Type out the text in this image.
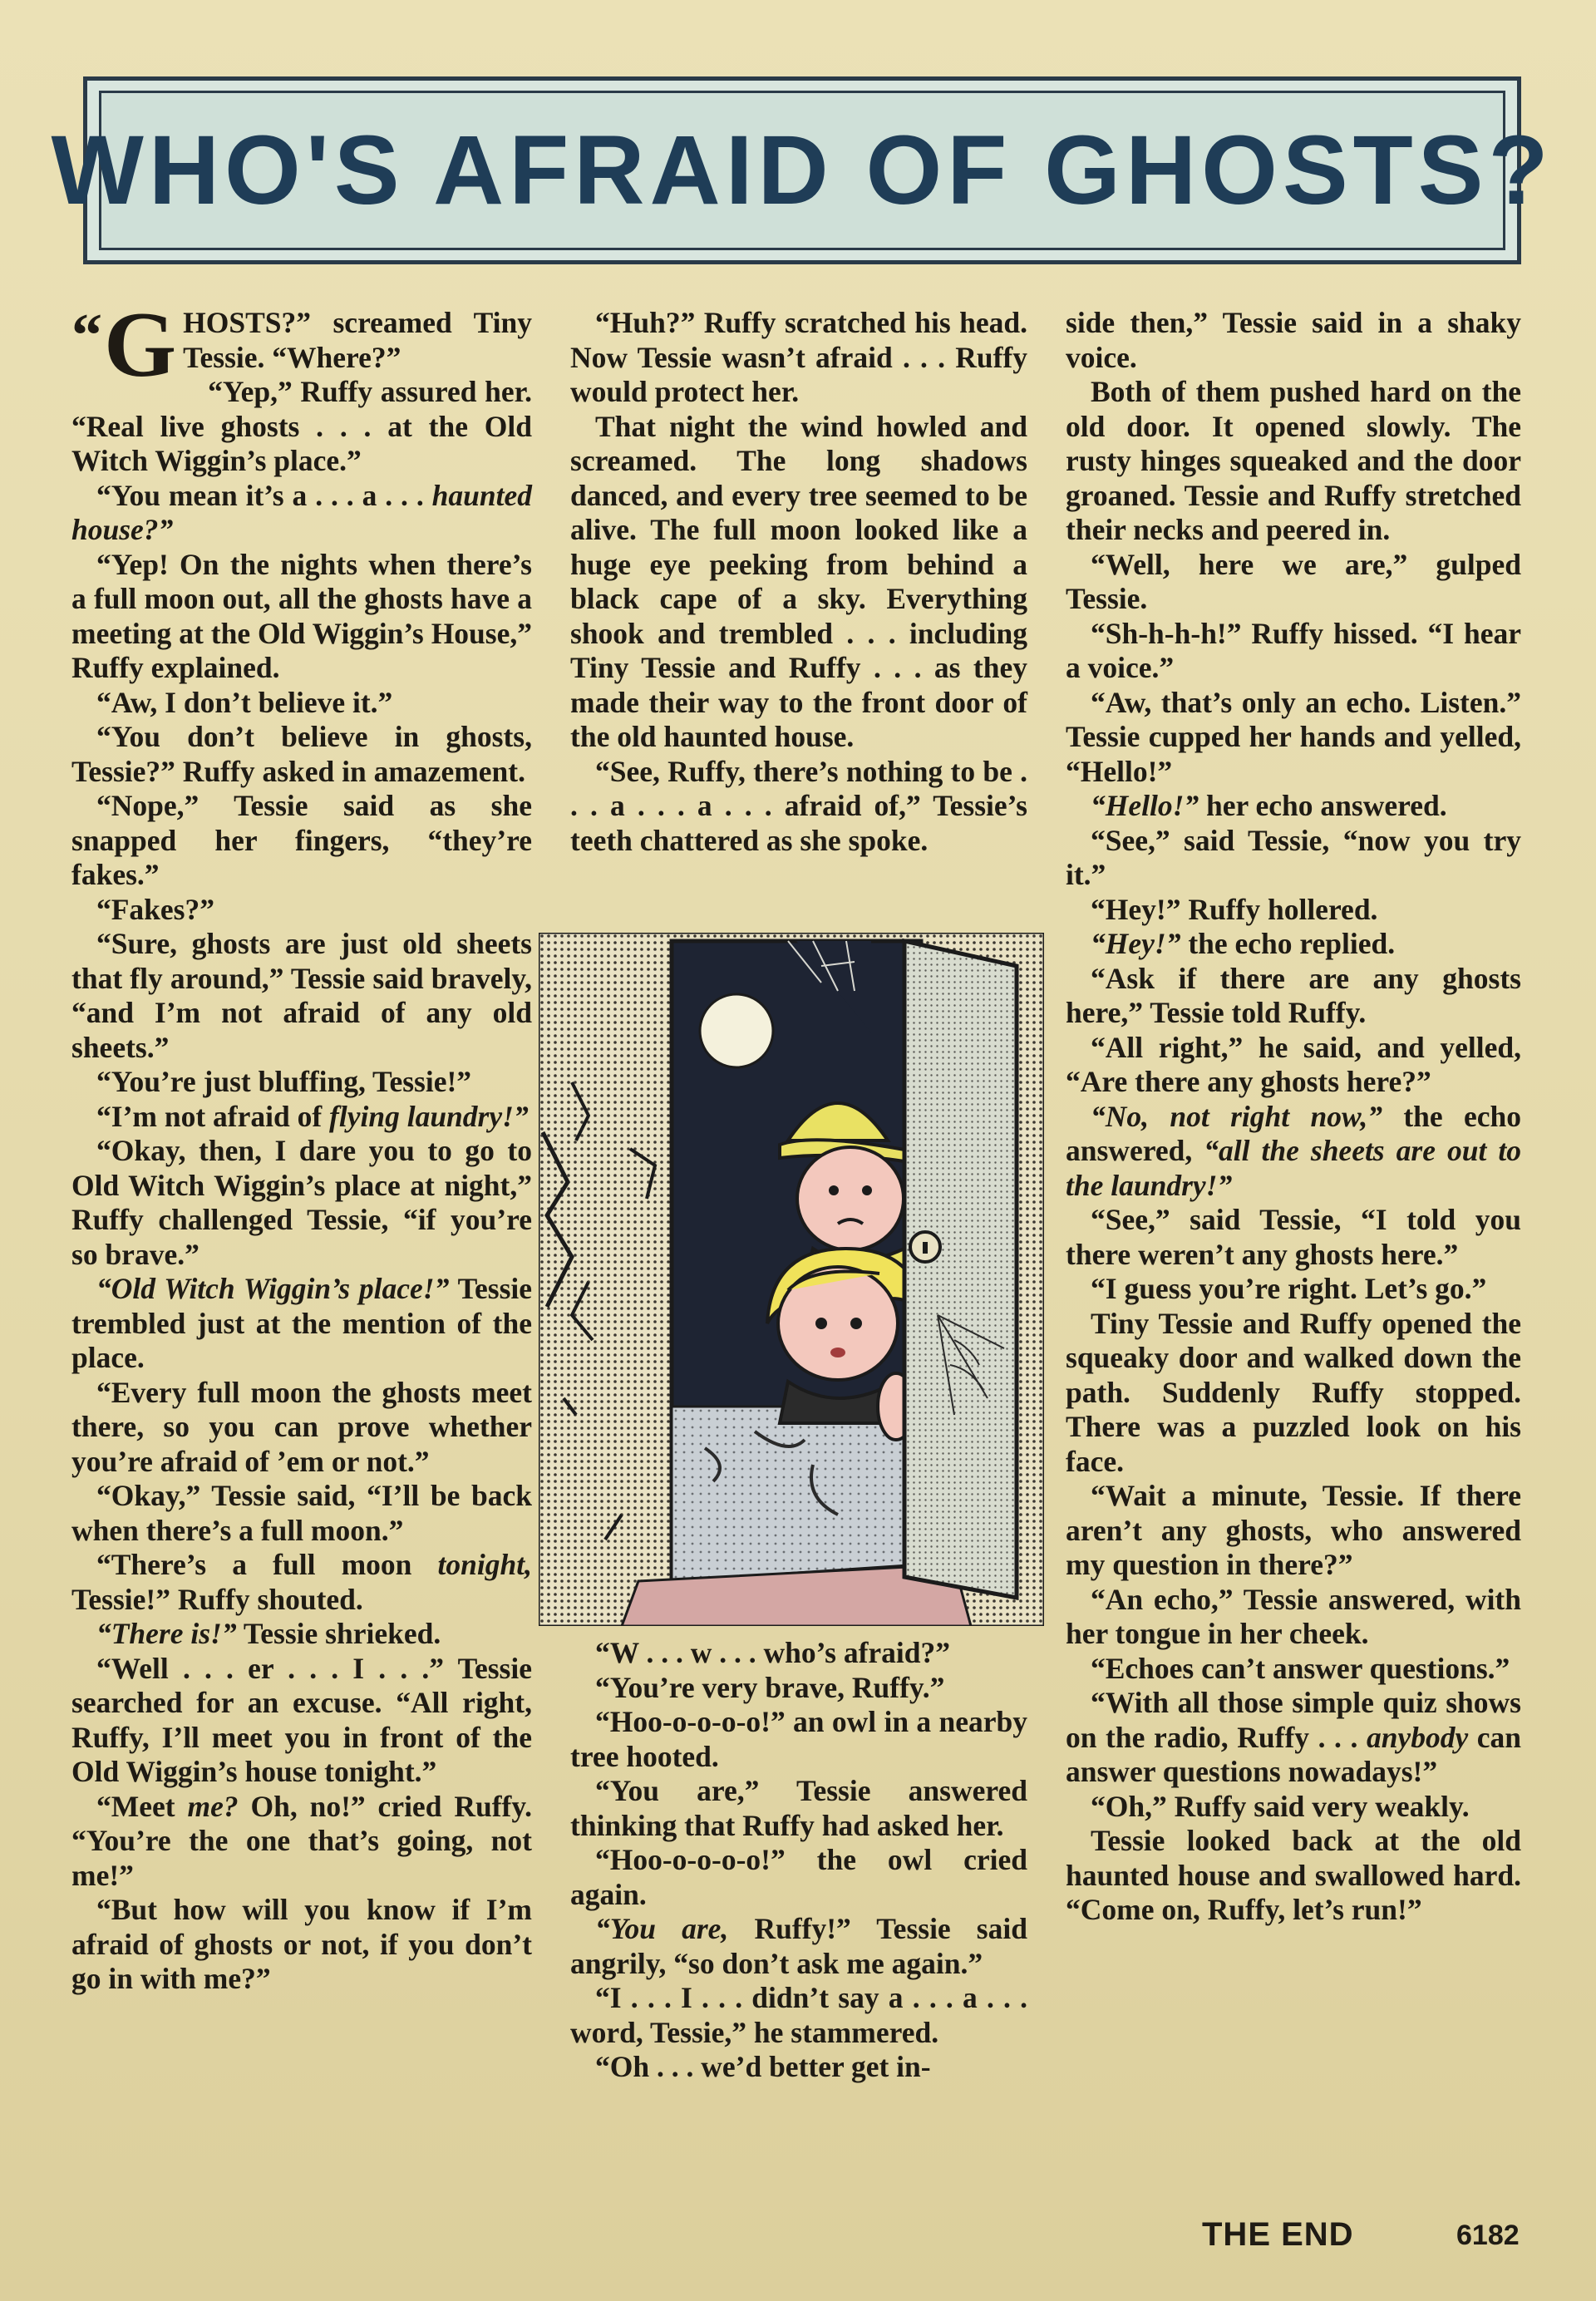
WHO'S AFRAID OF GHOSTS?

“ G HOSTS?” screamed Tiny Tessie. “Where?”

“Yep,” Ruffy assured her. “Real live ghosts . . . at the Old Witch Wiggin’s place.”

“You mean it’s a . . . a . . . haunted house?”

“Yep! On the nights when there’s a full moon out, all the ghosts have a meeting at the Old Wiggin’s House,” Ruffy explained.

“Aw, I don’t believe it.”

“You don’t believe in ghosts, Tessie?” Ruffy asked in amazement.

“Nope,” Tessie said as she snapped her fingers, “they’re fakes.”

“Fakes?”

“Sure, ghosts are just old sheets that fly around,” Tessie said bravely, “and I’m not afraid of any old sheets.”

“You’re just bluffing, Tessie!”

“I’m not afraid of flying laundry!”

“Okay, then, I dare you to go to Old Witch Wiggin’s place at night,” Ruffy challenged Tessie, “if you’re so brave.”

“Old Witch Wiggin’s place!” Tessie trembled just at the mention of the place.

“Every full moon the ghosts meet there, so you can prove whether you’re afraid of ’em or not.”

“Okay,” Tessie said, “I’ll be back when there’s a full moon.”

“There’s a full moon tonight, Tessie!” Ruffy shouted.

“There is!” Tessie shrieked.

“Well . . . er . . . I . . .” Tessie searched for an excuse. “All right, Ruffy, I’ll meet you in front of the Old Wiggin’s house tonight.”

“Meet me? Oh, no!” cried Ruffy. “You’re the one that’s going, not me!”

“But how will you know if I’m afraid of ghosts or not, if you don’t go in with me?”

“Huh?” Ruffy scratched his head. Now Tessie wasn’t afraid . . . Ruffy would protect her.

That night the wind howled and screamed. The long shadows danced, and every tree seemed to be alive. The full moon looked like a huge eye peeking from behind a black cape of a sky. Everything shook and trembled . . . including Tiny Tessie and Ruffy . . . as they made their way to the front door of the old haunted house.

“See, Ruffy, there’s nothing to be . . . a . . . a . . . afraid of,” Tessie’s teeth chattered as she spoke.

“W . . . w . . . who’s afraid?”

“You’re very brave, Ruffy.”

“Hoo-o-o-o-o!” an owl in a nearby tree hooted.

“You are,” Tessie answered thinking that Ruffy had asked her.

“Hoo-o-o-o-o!” the owl cried again.

“You are, Ruffy!” Tessie said angrily, “so don’t ask me again.”

“I . . . I . . . didn’t say a . . . a . . . word, Tessie,” he stammered.

“Oh . . . we’d better get in-

side then,” Tessie said in a shaky voice.

Both of them pushed hard on the old door. It opened slowly. The rusty hinges squeaked and the door groaned. Tessie and Ruffy stretched their necks and peered in.

“Well, here we are,” gulped Tessie.

“Sh-h-h-h!” Ruffy hissed. “I hear a voice.”

“Aw, that’s only an echo. Listen.” Tessie cupped her hands and yelled, “Hello!”

“Hello!” her echo answered.

“See,” said Tessie, “now you try it.”

“Hey!” Ruffy hollered.

“Hey!” the echo replied.

“Ask if there are any ghosts here,” Tessie told Ruffy.

“All right,” he said, and yelled, “Are there any ghosts here?”

“No, not right now,” the echo answered, “all the sheets are out to the laundry!”

“See,” said Tessie, “I told you there weren’t any ghosts here.”

“I guess you’re right. Let’s go.”

Tiny Tessie and Ruffy opened the squeaky door and walked down the path. Suddenly Ruffy stopped. There was a puzzled look on his face.

“Wait a minute, Tessie. If there aren’t any ghosts, who answered my question in there?”

“An echo,” Tessie answered, with her tongue in her cheek.

“Echoes can’t answer questions.”

“With all those simple quiz shows on the radio, Ruffy . . . anybody can answer questions nowadays!”

“Oh,” Ruffy said very weakly.

Tessie looked back at the old haunted house and swallowed hard. “Come on, Ruffy, let’s run!”

THE END	6182
